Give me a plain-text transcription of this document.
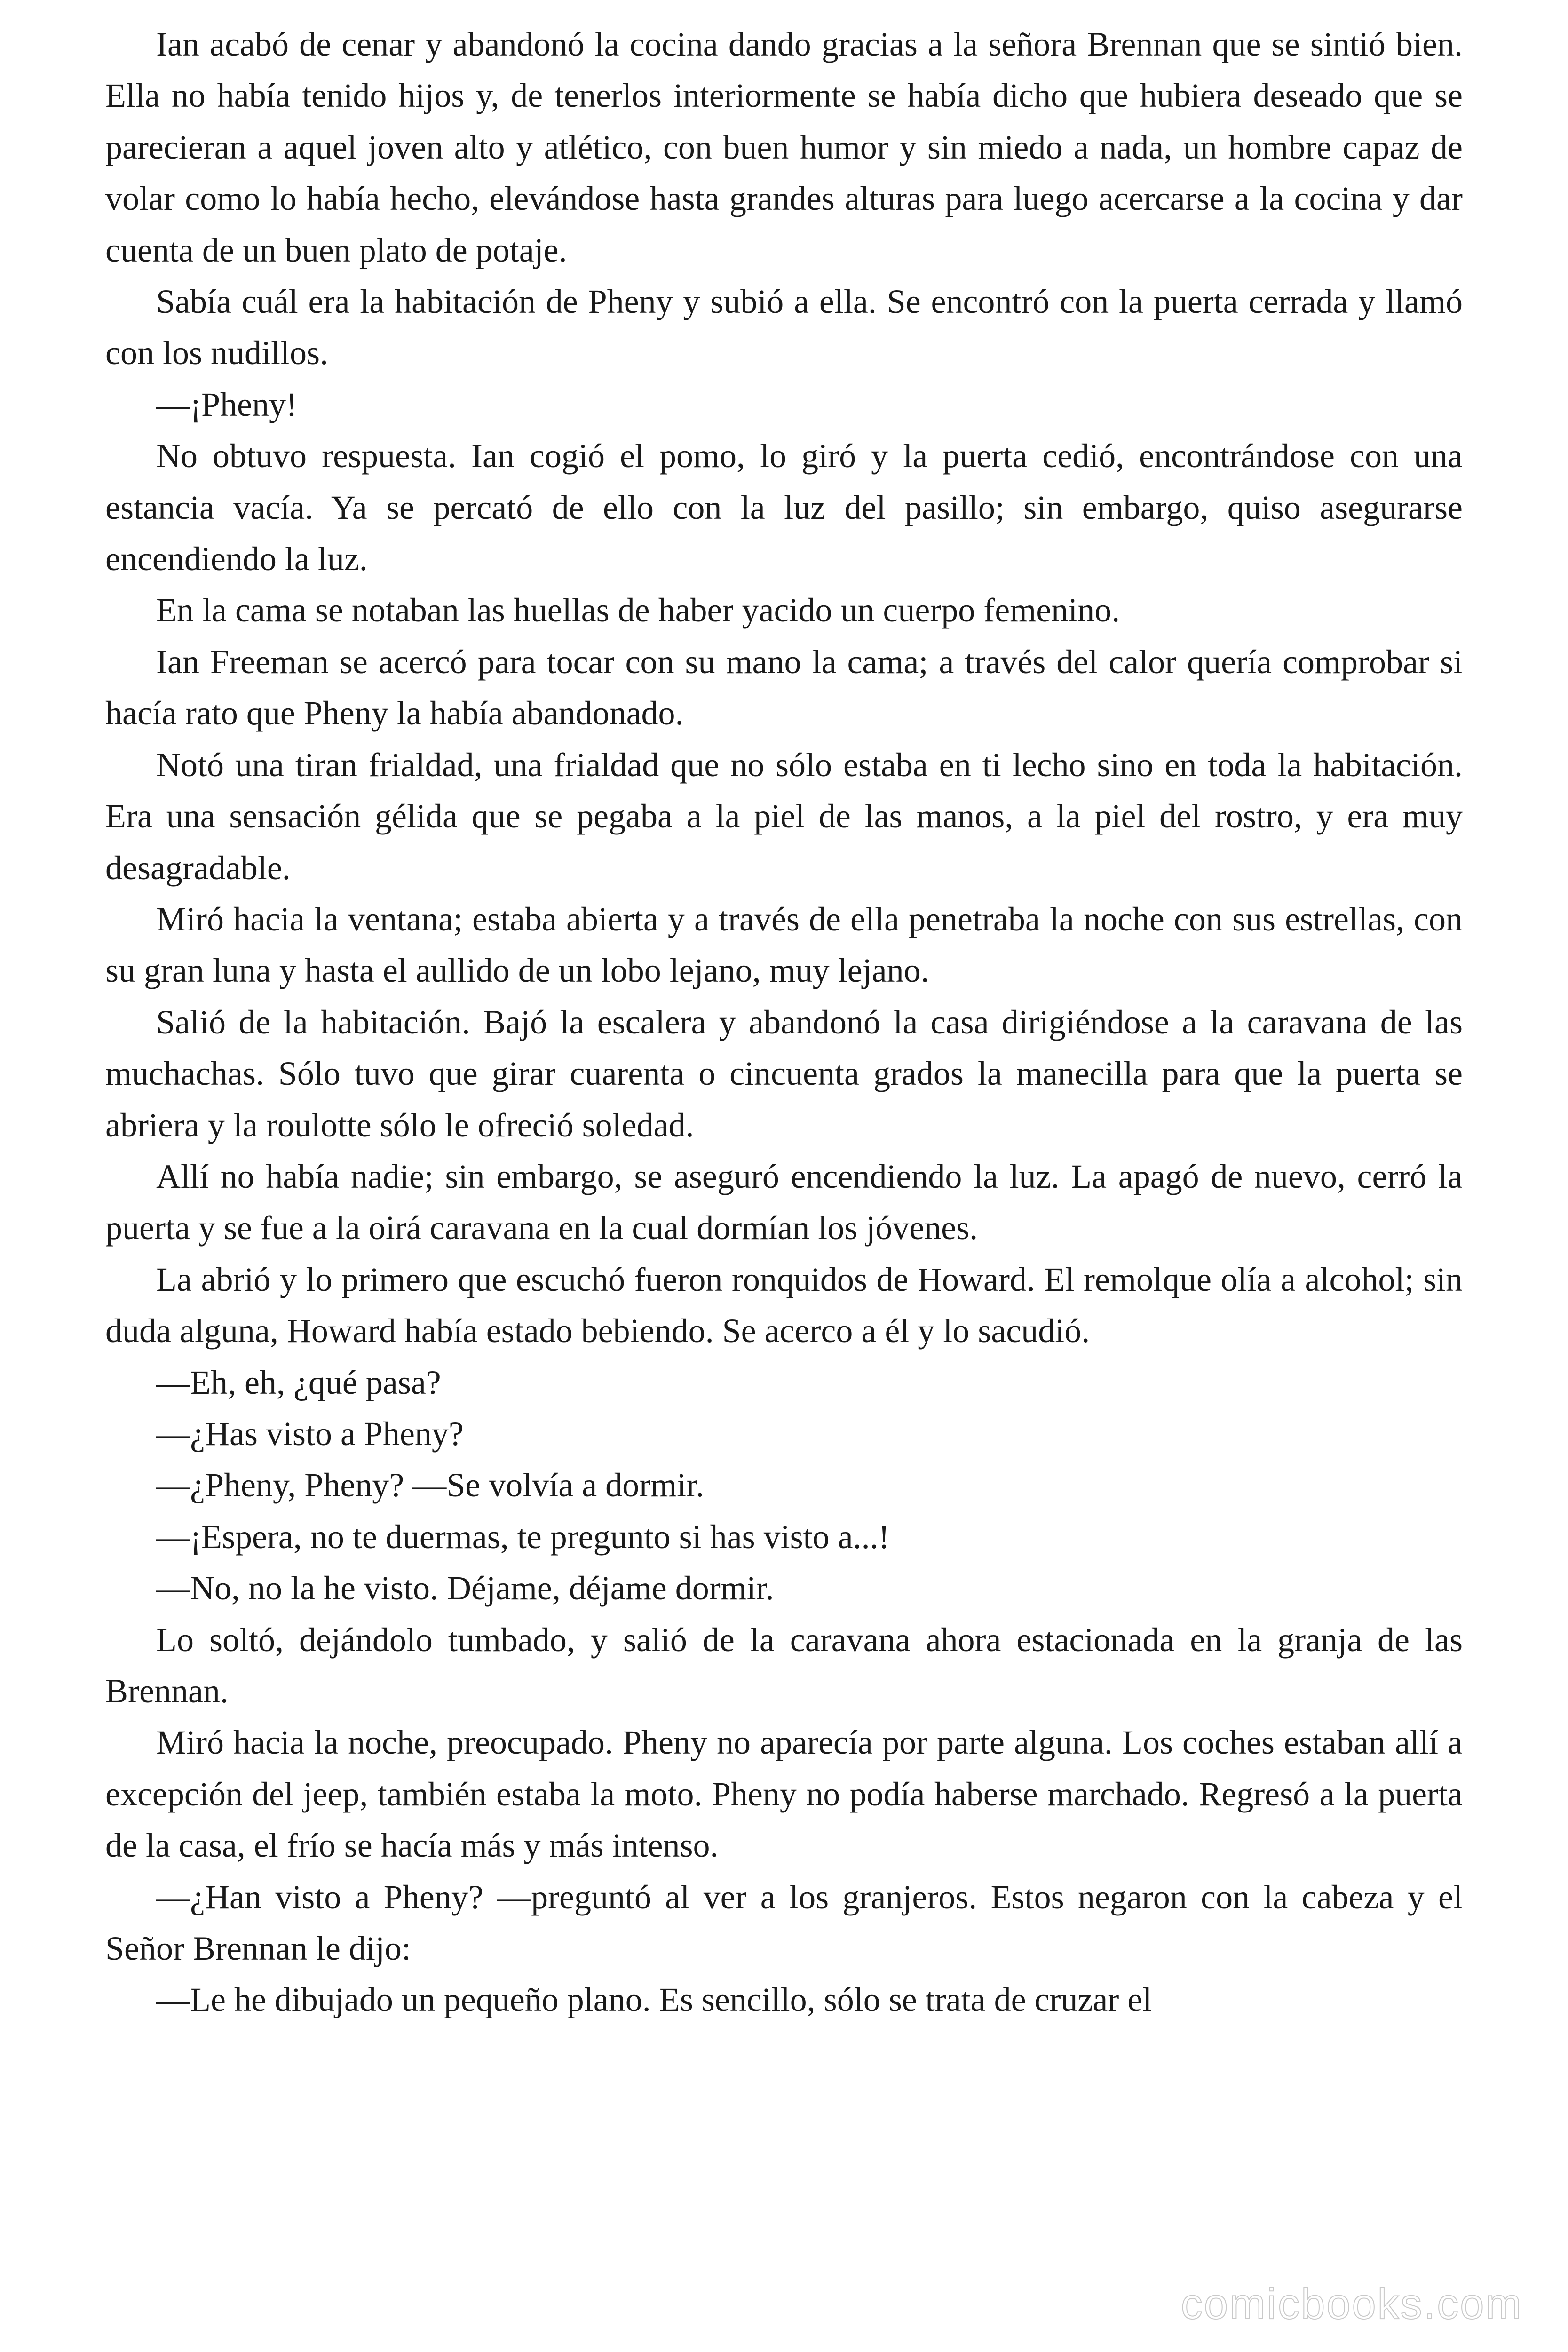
Ian acabó de cenar y abandonó la cocina dando gracias a la señora Brennan que se sintió bien. Ella no había tenido hijos y, de tenerlos interiormente se había dicho que hubiera deseado que se parecieran a aquel joven alto y atlético, con buen humor y sin miedo a nada, un hombre capaz de volar como lo había hecho, elevándose hasta grandes alturas para luego acercarse a la cocina y dar cuenta de un buen plato de potaje.

Sabía cuál era la habitación de Pheny y subió a ella. Se encontró con la puerta cerrada y llamó con los nudillos.

—¡Pheny!

No obtuvo respuesta. Ian cogió el pomo, lo giró y la puerta cedió, encontrándose con una estancia vacía. Ya se percató de ello con la luz del pasillo; sin embargo, quiso asegurarse encendiendo la luz.

En la cama se notaban las huellas de haber yacido un cuerpo femenino.

Ian Freeman se acercó para tocar con su mano la cama; a través del calor quería comprobar si hacía rato que Pheny la había abandonado.

Notó una tiran frialdad, una frialdad que no sólo estaba en ti lecho sino en toda la habitación. Era una sensación gélida que se pegaba a la piel de las manos, a la piel del rostro, y era muy desagradable.

Miró hacia la ventana; estaba abierta y a través de ella penetraba la noche con sus estrellas, con su gran luna y hasta el aullido de un lobo lejano, muy lejano.

Salió de la habitación. Bajó la escalera y abandonó la casa dirigiéndose a la caravana de las muchachas. Sólo tuvo que girar cuarenta o cincuenta grados la manecilla para que la puerta se abriera y la roulotte sólo le ofreció soledad.

Allí no había nadie; sin embargo, se aseguró encendiendo la luz. La apagó de nuevo, cerró la puerta y se fue a la oirá caravana en la cual dormían los jóvenes.

La abrió y lo primero que escuchó fueron ronquidos de Howard. El remolque olía a alcohol; sin duda alguna, Howard había estado bebiendo. Se acerco a él y lo sacudió.

—Eh, eh, ¿qué pasa?

—¿Has visto a Pheny?

—¿Pheny, Pheny? —Se volvía a dormir.

—¡Espera, no te duermas, te pregunto si has visto a...!

—No, no la he visto. Déjame, déjame dormir.

Lo soltó, dejándolo tumbado, y salió de la caravana ahora estacionada en la granja de las Brennan.

Miró hacia la noche, preocupado. Pheny no aparecía por parte alguna. Los coches estaban allí a excepción del jeep, también estaba la moto. Pheny no podía haberse marchado. Regresó a la puerta de la casa, el frío se hacía más y más intenso.

—¿Han visto a Pheny? —preguntó al ver a los granjeros. Estos negaron con la cabeza y el Señor Brennan le dijo:

—Le he dibujado un pequeño plano. Es sencillo, sólo se trata de cruzar el

comicbooks.com
